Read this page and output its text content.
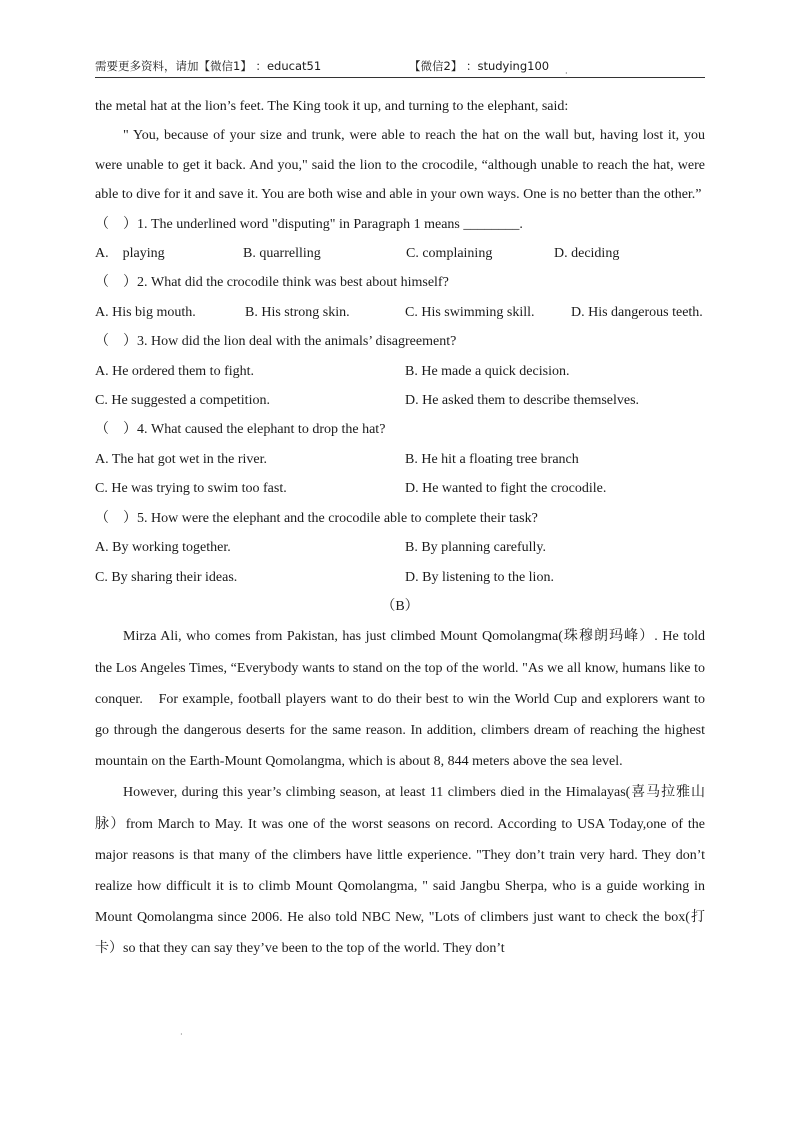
需要更多资料，请加【微信1】 ：educat51	【微信2】 ：studying100
·

the metal hat at the lion’s feet. The King took it up, and turning to the elephant, said:

" You, because of your size and trunk, were able to reach the hat on the wall but, having lost it, you were unable to get it back. And you," said the lion to the crocodile, “although unable to reach the hat, were able to dive for it and save it. You are both wise and able in your own ways. One is no better than the other.”

（　）1. The underlined word "disputing" in Paragraph 1 means ________.

A.　playing	B. quarrelling	C. complaining	D. deciding

（　）2. What did the crocodile think was best about himself?

A. His big mouth.	B. His strong skin.	C. His swimming skill.	D. His dangerous teeth.

（　）3. How did the lion deal with the animals’ disagreement?

A. He ordered them to fight.	B. He made a quick decision.
C. He suggested a competition.	D. He asked them to describe themselves.

（　）4. What caused the elephant to drop the hat?

A. The hat got wet in the river.	B. He hit a floating tree branch
C. He was trying to swim too fast.	D. He wanted to fight the crocodile.

（　）5. How were the elephant and the crocodile able to complete their task?

A. By working together.	B. By planning carefully.
C. By sharing their ideas.	D. By listening to the lion.

（B）

Mirza Ali, who comes from Pakistan, has just climbed Mount Qomolangma(珠穆朗玛峰）. He told the Los Angeles Times, “Everybody wants to stand on the top of the world. "As we all know, humans like to conquer.　For example, football players want to do their best to win the World Cup and explorers want to go through the dangerous deserts for the same reason. In addition, climbers dream of reaching the highest mountain on the Earth-Mount Qomolangma, which is about 8, 844 meters above the sea level.

However, during this year’s climbing season, at least 11 climbers died in the Himalayas(喜马拉雅山脉）from March to May. It was one of the worst seasons on record. According to USA Today,one of the major reasons is that many of the climbers have little experience. "They don’t train very hard. They don’t realize how difficult it is to climb Mount Qomolangma, " said Jangbu Sherpa, who is a guide working in Mount Qomolangma since 2006. He also told NBC New, "Lots of climbers just want to check the box(打卡）so that they can say they’ve been to the top of the world. They don’t

·
